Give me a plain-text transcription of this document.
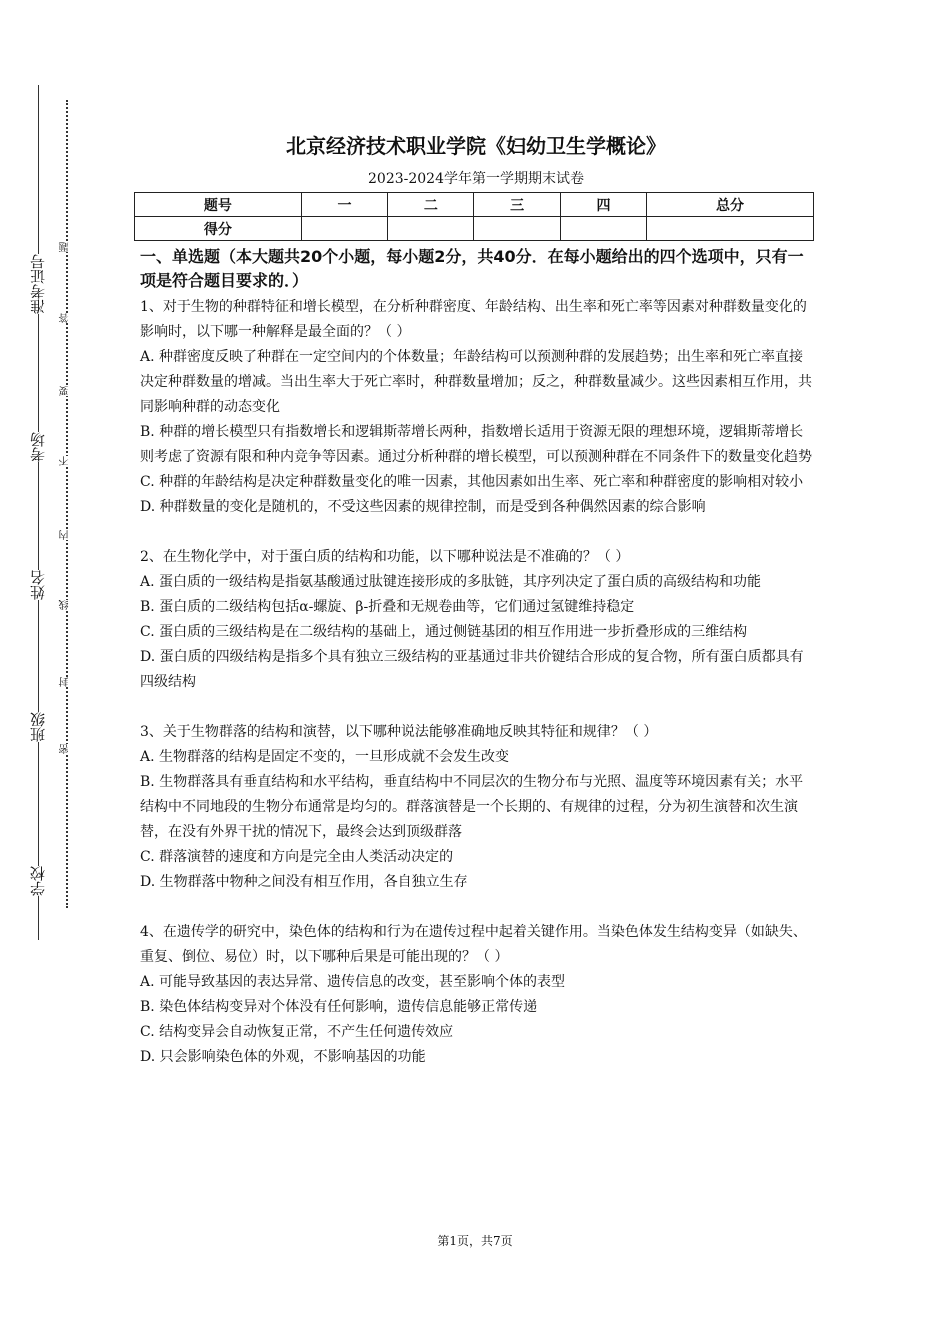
学校
班级
姓名
考场
准考证号
密
封
线
内
不
要
答
题
北京经济技术职业学院《妇幼卫生学概论》
2023-2024学年第一学期期末试卷
题号	一	二	三	四	总分
得分					
一、单选题（本大题共20个小题，每小题2分，共40分．在每小题给出的四个选项中，只有一项是符合题目要求的．）

1、对于生物的种群特征和增长模型，在分析种群密度、年龄结构、出生率和死亡率等因素对种群数量变化的影响时，以下哪一种解释是最全面的？（ ）

A. 种群密度反映了种群在一定空间内的个体数量；年龄结构可以预测种群的发展趋势；出生率和死亡率直接决定种群数量的增减。当出生率大于死亡率时，种群数量增加；反之，种群数量减少。这些因素相互作用，共同影响种群的动态变化

B. 种群的增长模型只有指数增长和逻辑斯蒂增长两种，指数增长适用于资源无限的理想环境，逻辑斯蒂增长则考虑了资源有限和种内竞争等因素。通过分析种群的增长模型，可以预测种群在不同条件下的数量变化趋势

C. 种群的年龄结构是决定种群数量变化的唯一因素，其他因素如出生率、死亡率和种群密度的影响相对较小

D. 种群数量的变化是随机的，不受这些因素的规律控制，而是受到各种偶然因素的综合影响

2、在生物化学中，对于蛋白质的结构和功能，以下哪种说法是不准确的？（ ）

A. 蛋白质的一级结构是指氨基酸通过肽键连接形成的多肽链，其序列决定了蛋白质的高级结构和功能

B. 蛋白质的二级结构包括α-螺旋、β-折叠和无规卷曲等，它们通过氢键维持稳定

C. 蛋白质的三级结构是在二级结构的基础上，通过侧链基团的相互作用进一步折叠形成的三维结构

D. 蛋白质的四级结构是指多个具有独立三级结构的亚基通过非共价键结合形成的复合物，所有蛋白质都具有四级结构

3、关于生物群落的结构和演替，以下哪种说法能够准确地反映其特征和规律？（ ）

A. 生物群落的结构是固定不变的，一旦形成就不会发生改变

B. 生物群落具有垂直结构和水平结构，垂直结构中不同层次的生物分布与光照、温度等环境因素有关；水平结构中不同地段的生物分布通常是均匀的。群落演替是一个长期的、有规律的过程，分为初生演替和次生演替，在没有外界干扰的情况下，最终会达到顶级群落

C. 群落演替的速度和方向是完全由人类活动决定的

D. 生物群落中物种之间没有相互作用，各自独立生存

4、在遗传学的研究中，染色体的结构和行为在遗传过程中起着关键作用。当染色体发生结构变异（如缺失、重复、倒位、易位）时，以下哪种后果是可能出现的？（ ）

A. 可能导致基因的表达异常、遗传信息的改变，甚至影响个体的表型

B. 染色体结构变异对个体没有任何影响，遗传信息能够正常传递

C. 结构变异会自动恢复正常，不产生任何遗传效应

D. 只会影响染色体的外观，不影响基因的功能

第1页，共7页
